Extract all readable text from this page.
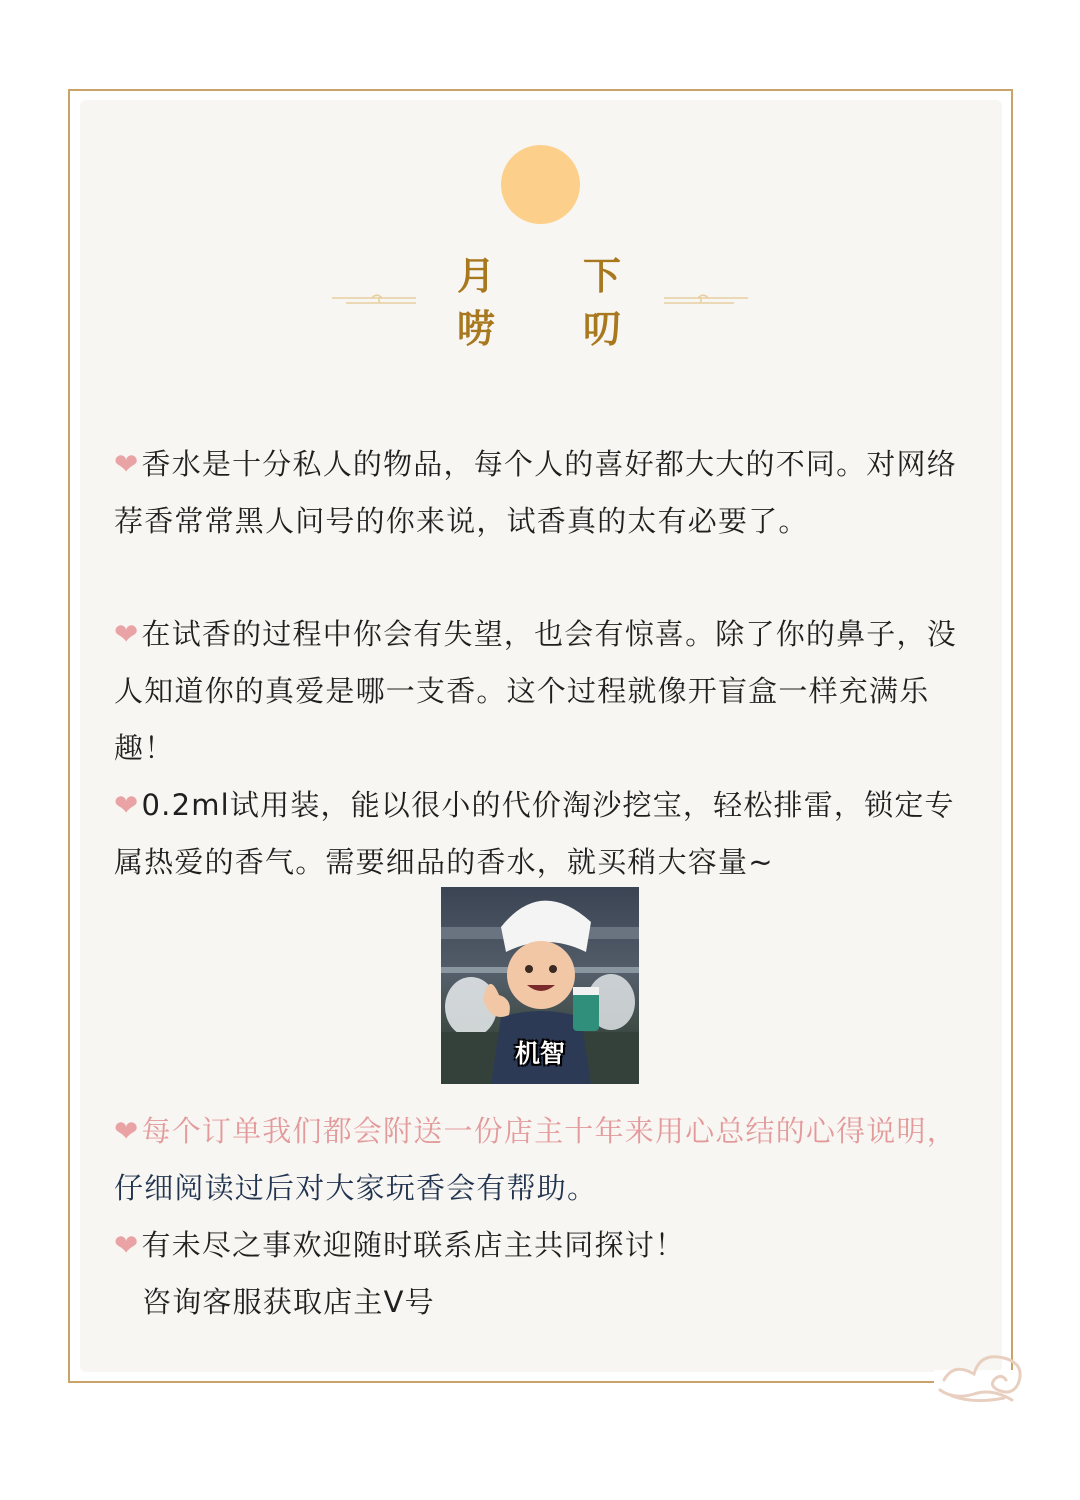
月
唠
下
叨
❤香水是十分私人的物品，每个人的喜好都大大的不同。对网络荐香常常黑人问号的你来说，试香真的太有必要了。
❤在试香的过程中你会有失望，也会有惊喜。除了你的鼻子，没人知道你的真爱是哪一支香。这个过程就像开盲盒一样充满乐趣！
❤0.2ml试用装，能以很小的代价淘沙挖宝，轻松排雷，锁定专属热爱的香气。需要细品的香水，就买稍大容量~
机智
❤每个订单我们都会附送一份店主十年来用心总结的心得说明，仔细阅读过后对大家玩香会有帮助。
❤有未尽之事欢迎随时联系店主共同探讨！
咨询客服获取店主V号
